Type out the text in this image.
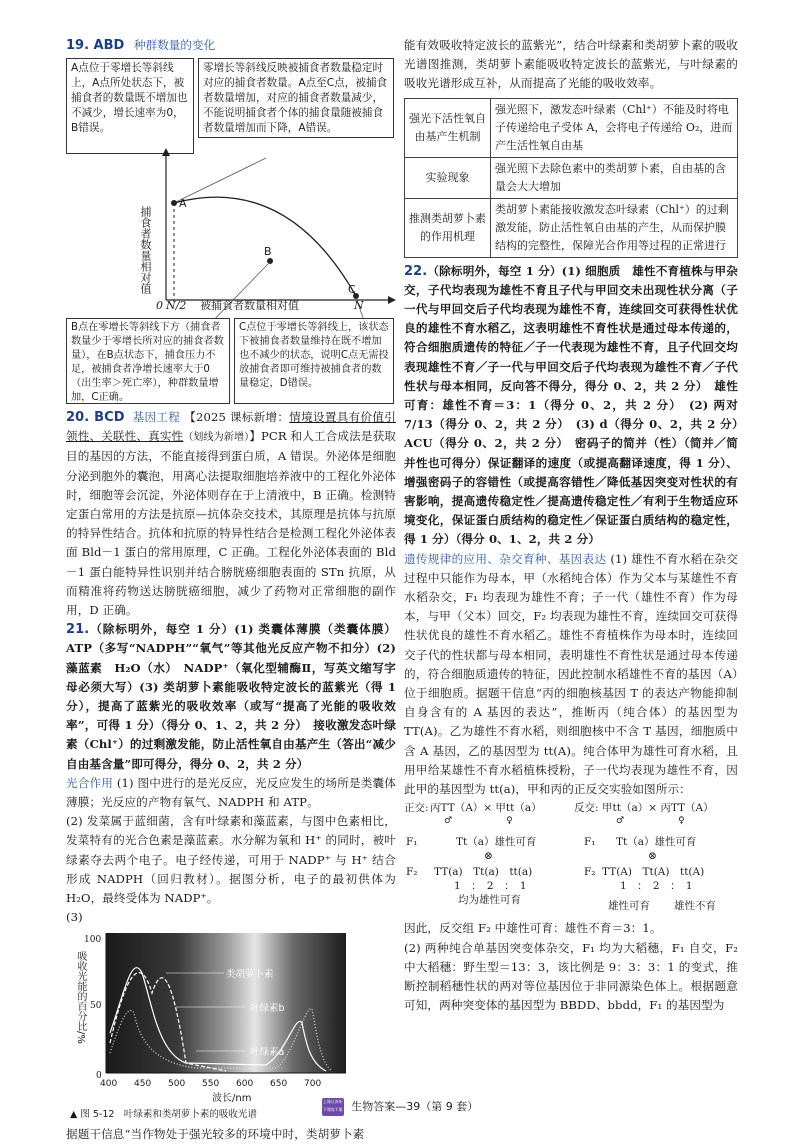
19. ABD 种群数量的变化
A点位于零增长等斜线上，A点所处状态下，被捕食者的数量既不增加也不减少，增长速率为0，B错误。
零增长等斜线反映被捕食者数量稳定时对应的捕食者数量。A点至C点，被捕食者数量增加，对应的捕食者数量减少，不能说明捕食者个体的捕食量随被捕食者数量增加而下降，A错误。
捕食者数量相对值
A
B
C
0 N/2 被捕食者数量相对值	N
B点在零增长等斜线下方（捕食者数量少于零增长所对应的捕食者数量），在B点状态下，捕食压力不足，被捕食者净增长速率大于0（出生率＞死亡率），种群数量增加，C正确。
C点位于零增长等斜线上，该状态下被捕食者数量维持在既不增加也不减少的状态，说明C点无需投放捕食者即可维持被捕食者的数量稳定，D错误。
20. BCD 基因工程 【2025 课标新增：情境设置具有价值引领性、关联性、真实性（划线为新增）】PCR 和人工合成法是获取目的基因的方法，不能直接得到蛋白质，A 错误。外泌体是细胞分泌到胞外的囊泡，用离心法提取细胞培养液中的工程化外泌体时，细胞等会沉淀，外泌体则存在于上清液中，B 正确。检测特定蛋白常用的方法是抗原—抗体杂交技术，其原理是抗体与抗原的特异性结合。抗体和抗原的特异性结合是检测工程化外泌体表面 Bld－1 蛋白的常用原理，C 正确。工程化外泌体表面的 Bld－1 蛋白能特异性识别并结合膀胱癌细胞表面的 STn 抗原，从而精准将药物送达膀胱癌细胞，减少了药物对正常细胞的副作用，D 正确。
21.（除标明外，每空 1 分）(1) 类囊体薄膜（类囊体膜）ATP（多写“NADPH”“氧气”等其他光反应产物不扣分）(2) 藻蓝素　H₂O（水）　NADP⁺（氧化型辅酶Ⅱ，写英文缩写字母必须大写）(3) 类胡萝卜素能吸收特定波长的蓝紫光（得 1 分），提高了蓝紫光的吸收效率（或写“提高了光能的吸收效率”，可得 1 分）（得分 0、1、2，共 2 分）　接收激发态叶绿素（Chl⁺）的过剩激发能，防止活性氧自由基产生（答出“减少自由基含量”即可得分，得分 0、2，共 2 分）
光合作用 (1) 图中进行的是光反应，光反应发生的场所是类囊体薄膜；光反应的产物有氧气、NADPH 和 ATP。
(2) 发菜属于蓝细菌，含有叶绿素和藻蓝素，与图中色素相比，发菜特有的光合色素是藻蓝素。水分解为氧和 H⁺ 的同时，被叶绿素夺去两个电子。电子经传递，可用于 NADP⁺ 与 H⁺ 结合形成 NADPH（回归教材）。据图分析，电子的最初供体为 H₂O，最终受体为 NADP⁺。
(3)
吸收光能的百分比/%
100
50
0
类胡萝卜素
叶绿素b
叶绿素a
400 450 500 550 600 650 700
波长/nm
▲ 图 5-12　叶绿素和类胡萝卜素的吸收光谱
据题干信息“当作物处于强光较多的环境中时，类胡萝卜素
能有效吸收特定波长的蓝紫光”，结合叶绿素和类胡萝卜素的吸收光谱图推测，类胡萝卜素能吸收特定波长的蓝紫光，与叶绿素的吸收光谱形成互补，从而提高了光能的吸收效率。
强光下活性氧自由基产生机制	强光照下，激发态叶绿素（Chl⁺）不能及时将电子传递给电子受体 A，会将电子传递给 O₂，进而产生活性氧自由基
实验现象	强光照下去除色素中的类胡萝卜素，自由基的含量会大大增加
推测类胡萝卜素的作用机理	类胡萝卜素能接收激发态叶绿素（Chl⁺）的过剩激发能，防止活性氧自由基的产生，从而保护膜结构的完整性，保障光合作用等过程的正常进行
22.（除标明外，每空 1 分）(1) 细胞质　雄性不育植株与甲杂交，子代均表现为雄性不育且子代与甲回交未出现性状分离（子一代与甲回交后子代均表现为雄性不育，连续回交可获得性状优良的雄性不育水稻乙，这表明雄性不育性状是通过母本传递的，符合细胞质遗传的特征／子一代表现为雄性不育，且子代回交均表现雄性不育／子一代与甲回交后子代均表现为雄性不育／子代性状与母本相同，反向答不得分，得分 0、2，共 2 分）　雄性可育：雄性不育＝3：1（得分 0、2，共 2 分）　(2) 两对　7/13（得分 0、2，共 2 分）　(3) d（得分 0、2，共 2 分）　ACU（得分 0、2，共 2 分）　密码子的简并（性）（简并／简并性也可得分）保证翻译的速度（或提高翻译速度，得 1 分）、增强密码子的容错性（或提高容错性／降低基因突变对性状的有害影响，提高遗传稳定性／提高遗传稳定性／有利于生物适应环境变化，保证蛋白质结构的稳定性／保证蛋白质结构的稳定性，得 1 分）（得分 0、1、2，共 2 分）
遗传规律的应用、杂交育种、基因表达 (1) 雄性不育水稻在杂交过程中只能作为母本，甲（水稻纯合体）作为父本与某雄性不育水稻杂交，F₁ 均表现为雄性不育；子一代（雄性不育）作为母本，与甲（父本）回交，F₂ 均表现为雄性不育，连续回交可获得性状优良的雄性不育水稻乙。雄性不育植株作为母本时，连续回交子代的性状都与母本相同，表明雄性不育性状是通过母本传递的，符合细胞质遗传的特征，因此控制水稻雄性不育的基因（A）位于细胞质。据题干信息“丙的细胞核基因 T 的表达产物能抑制自身含有的 A 基因的表达”，推断丙（纯合体）的基因型为 TT(A)。乙为雄性不育水稻，则细胞核中不含 T 基因，细胞质中含 A 基因，乙的基因型为 tt(A)。纯合体甲为雄性可育水稻，且用甲给某雄性不育水稻植株授粉，子一代均表现为雄性不育，因此甲的基因型为 tt(a)，甲和丙的正反交实验如图所示：
正交: 丙TT（A）× 甲tt（a）
♂　　　　　　♀
反交: 甲tt（a）× 丙TT（A）
♂　　　　　　♀
F₁	Tt（a）雄性可育	F₁ Tt（a）雄性可育
⊗	⊗
F₂ TT(a)　Tt(a)　tt(a)
1　：　2　：　1
均为雄性可育
F₂ TT(A)　Tt(A)　tt(A)
1　：　2　：　1
雄性可育 雄性不育
因此，反交组 F₂ 中雄性可育：雄性不育＝3：1。
(2) 两种纯合单基因突变体杂交，F₁ 均为大稻穗，F₁ 自交，F₂ 中大稻穗：野生型＝13：3，该比例是 9：3：3：1 的变式，推断控制稻穗性状的两对等位基因位于非同源染色体上。根据题意可知，两种突变体的基因型为 BBDD、bbdd，F₁ 的基因型为
上课认真听
下课练不累 生物答案—39（第 9 套）
